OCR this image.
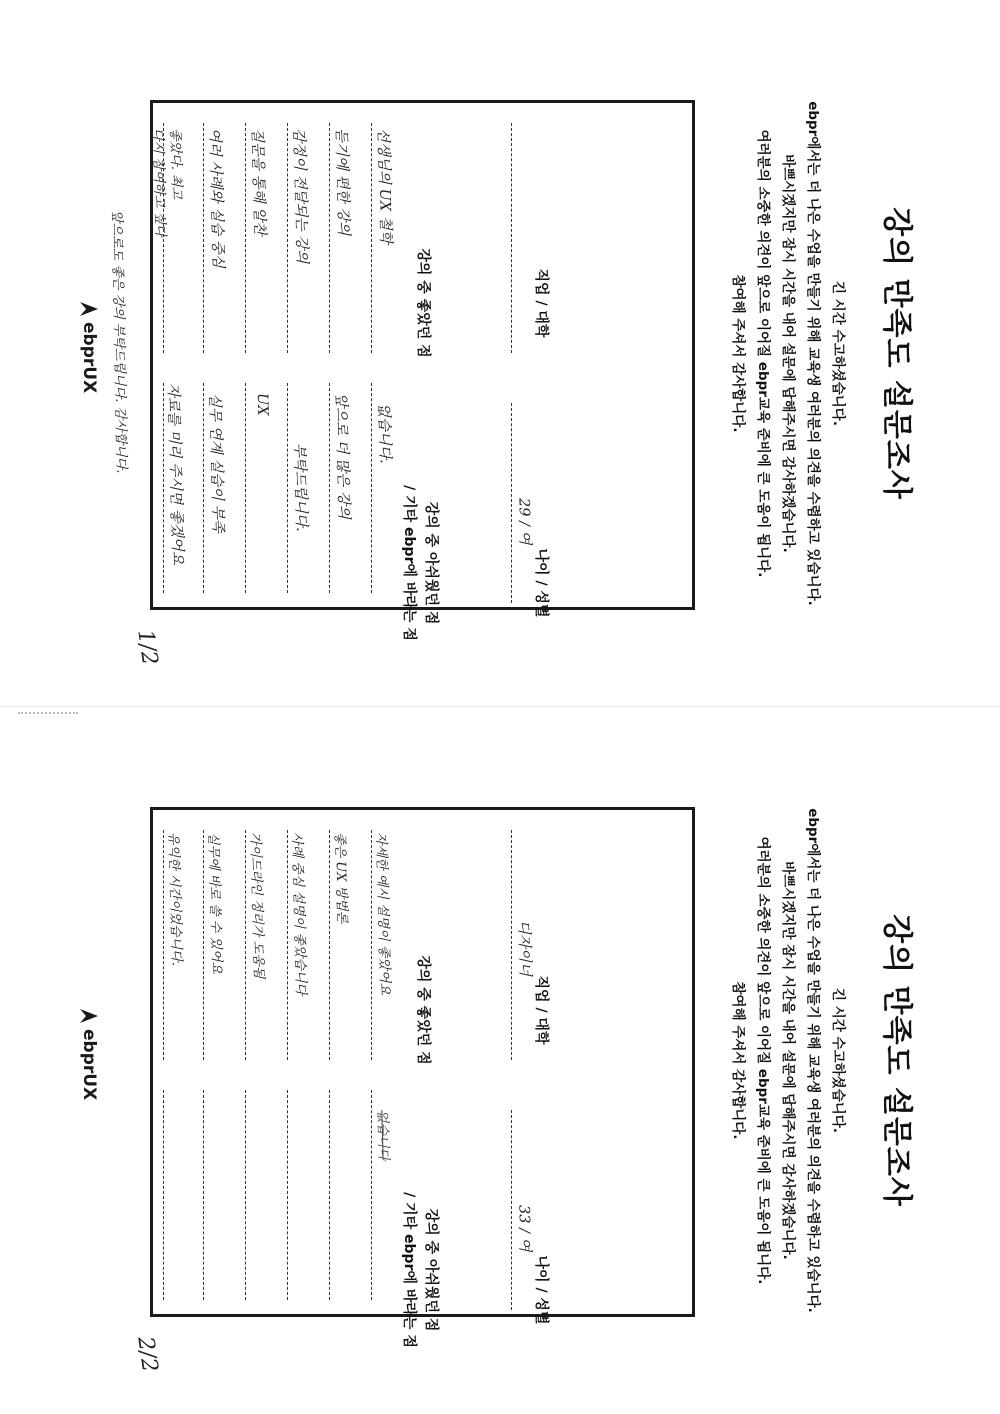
강의 만족도 설문조사
긴 시간 수고하셨습니다.
ebpr에서는 더 나은 수업을 만들기 위해 교육생 여러분의 의견을 수렴하고 있습니다.
바쁘시겠지만 잠시 시간을 내어 설문에 답해주시면 감사하겠습니다.
여러분의 소중한 의견이 앞으로 이어질 ebpr교육 준비에 큰 도움이 됩니다.
참여해 주셔서 감사합니다.
직업 / 대학
나이 / 성별
29 / 여
강의 중 좋았던 점
강의 중 아쉬웠던 점
/ 기타 ebpr에 바라는 점
선생님의 UX 철학
듣기에 편한 강의
감정이 전달되는 강의
질문을 통해 알찬
여러 사례와 실습 중심
좋았다. 최고
다시 참여하고 싶다
없습니다.
앞으로 더 많은 강의
부탁드립니다.
UX
실무 연계 실습이 부족
자료를 미리 주시면 좋겠어요
1/2
앞으로도 좋은 강의 부탁드립니다. 감사합니다.
ebprUX
강의 만족도 설문조사
긴 시간 수고하셨습니다.
ebpr에서는 더 나은 수업을 만들기 위해 교육생 여러분의 의견을 수렴하고 있습니다.
바쁘시겠지만 잠시 시간을 내어 설문에 답해주시면 감사하겠습니다.
여러분의 소중한 의견이 앞으로 이어질 ebpr교육 준비에 큰 도움이 됩니다.
참여해 주셔서 감사합니다.
직업 / 대학
나이 / 성별
디자이너
33 / 여
강의 중 좋았던 점
강의 중 아쉬웠던 점
/ 기타 ebpr에 바라는 점
자세한 예시 설명이 좋았어요
좋은 UX 방법론
사례 중심 설명이 좋았습니다
가이드라인 정리가 도움됨
실무에 바로 쓸 수 있어요
유익한 시간이었습니다.
없습니다
2/2
ebprUX
